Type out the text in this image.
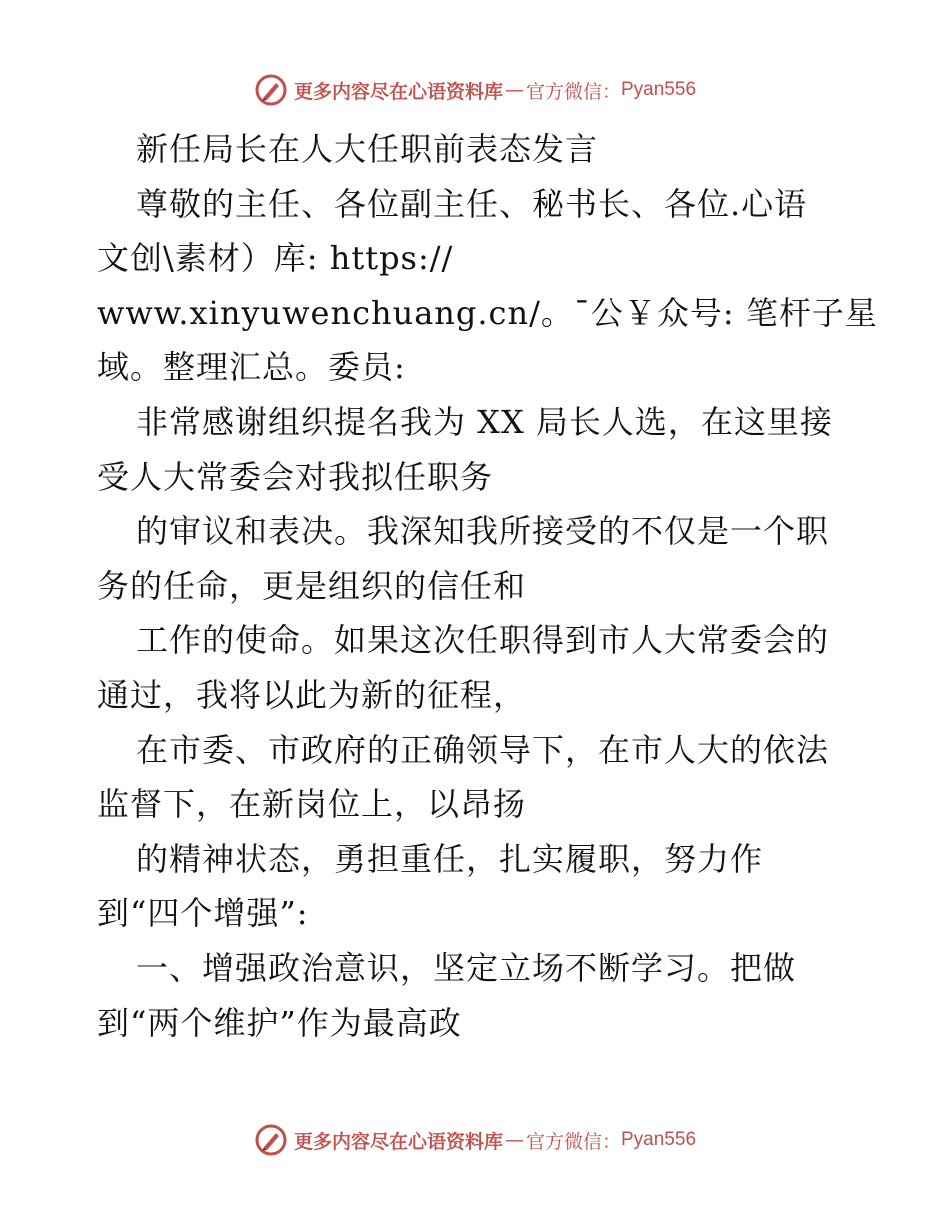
更多内容尽在心语资料库 — 官方微信： Pyan556
新任局长在人大任职前表态发言
尊敬的主任、各位副主任、秘书长、各位.心语
文创\素材）库: https://
www.xinyuwenchuang.cn/。¯公￥众号: 笔杆子星
域。整理汇总。委员:
非常感谢组织提名我为 XX 局长人选，在这里接
受人大常委会对我拟任职务
的审议和表决。我深知我所接受的不仅是一个职
务的任命，更是组织的信任和
工作的使命。如果这次任职得到市人大常委会的
通过，我将以此为新的征程，
在市委、市政府的正确领导下，在市人大的依法
监督下，在新岗位上，以昂扬
的精神状态，勇担重任，扎实履职，努力作
到“四个增强”:
一、增强政治意识，坚定立场不断学习。把做
到“两个维护”作为最高政
更多内容尽在心语资料库 — 官方微信： Pyan556
